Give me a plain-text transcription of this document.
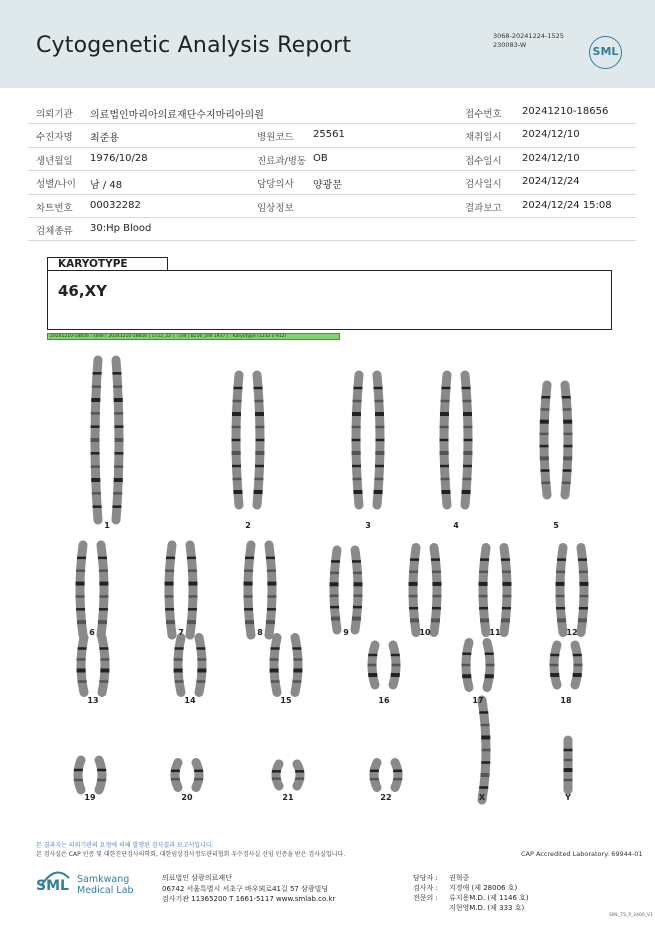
Cytogenetic Analysis Report	3068-20241224-1525
230083-W	SML
의뢰기관 의료법인마리아의료재단수지마리아의원	접수번호 20241210-18656
수진자명 최준용	병원코드 25561	채취일시 2024/12/10
생년월일 1976/10/28	진료과/병동 OB	접수일시 2024/12/10
성별/나이 남 / 48	담당의사 양광문	검사일시 2024/12/24
차트번호 00032282	임상정보	결과보고 2024/12/24 15:08
검체종류 30:Hp Blood
KARYOTYPE
46,XY
20241210-18656 : slide [ 20241210-18656 | 1722_22 ] : cell [ 8250_cell 1937 ] : Karyotype (1232 x 912)
1	2	3	4	5
6	7	8	9	10	11	12
13	14	15	16	17	18
19	20	21	22	X	Y
본 결과지는 의뢰기관의 요청에 의해 발행된 검사결과 보고서입니다.
본 검사실은 CAP 인증 및 대한진단검사의학회, 대한임상검사정도관리협회 우수검사실 신임 인증을 받은 검사실입니다.	CAP Accredited Laboratory. 69944-01
Samkwang
Medical Lab
SML	의료법인 삼광의료재단
06742 서울특별시 서초구 바우뫼로41길 57 삼광빌딩
검사기관 11365200 T 1661-5117 www.smlab.co.kr
담당자 : 권혁중
검사자 : 지경애 (제 28006 호)
전문의 : 류지용M.D. (제 1146 호)
지현영M.D. (제 333 호)
SML_TS_P_2400_V1
